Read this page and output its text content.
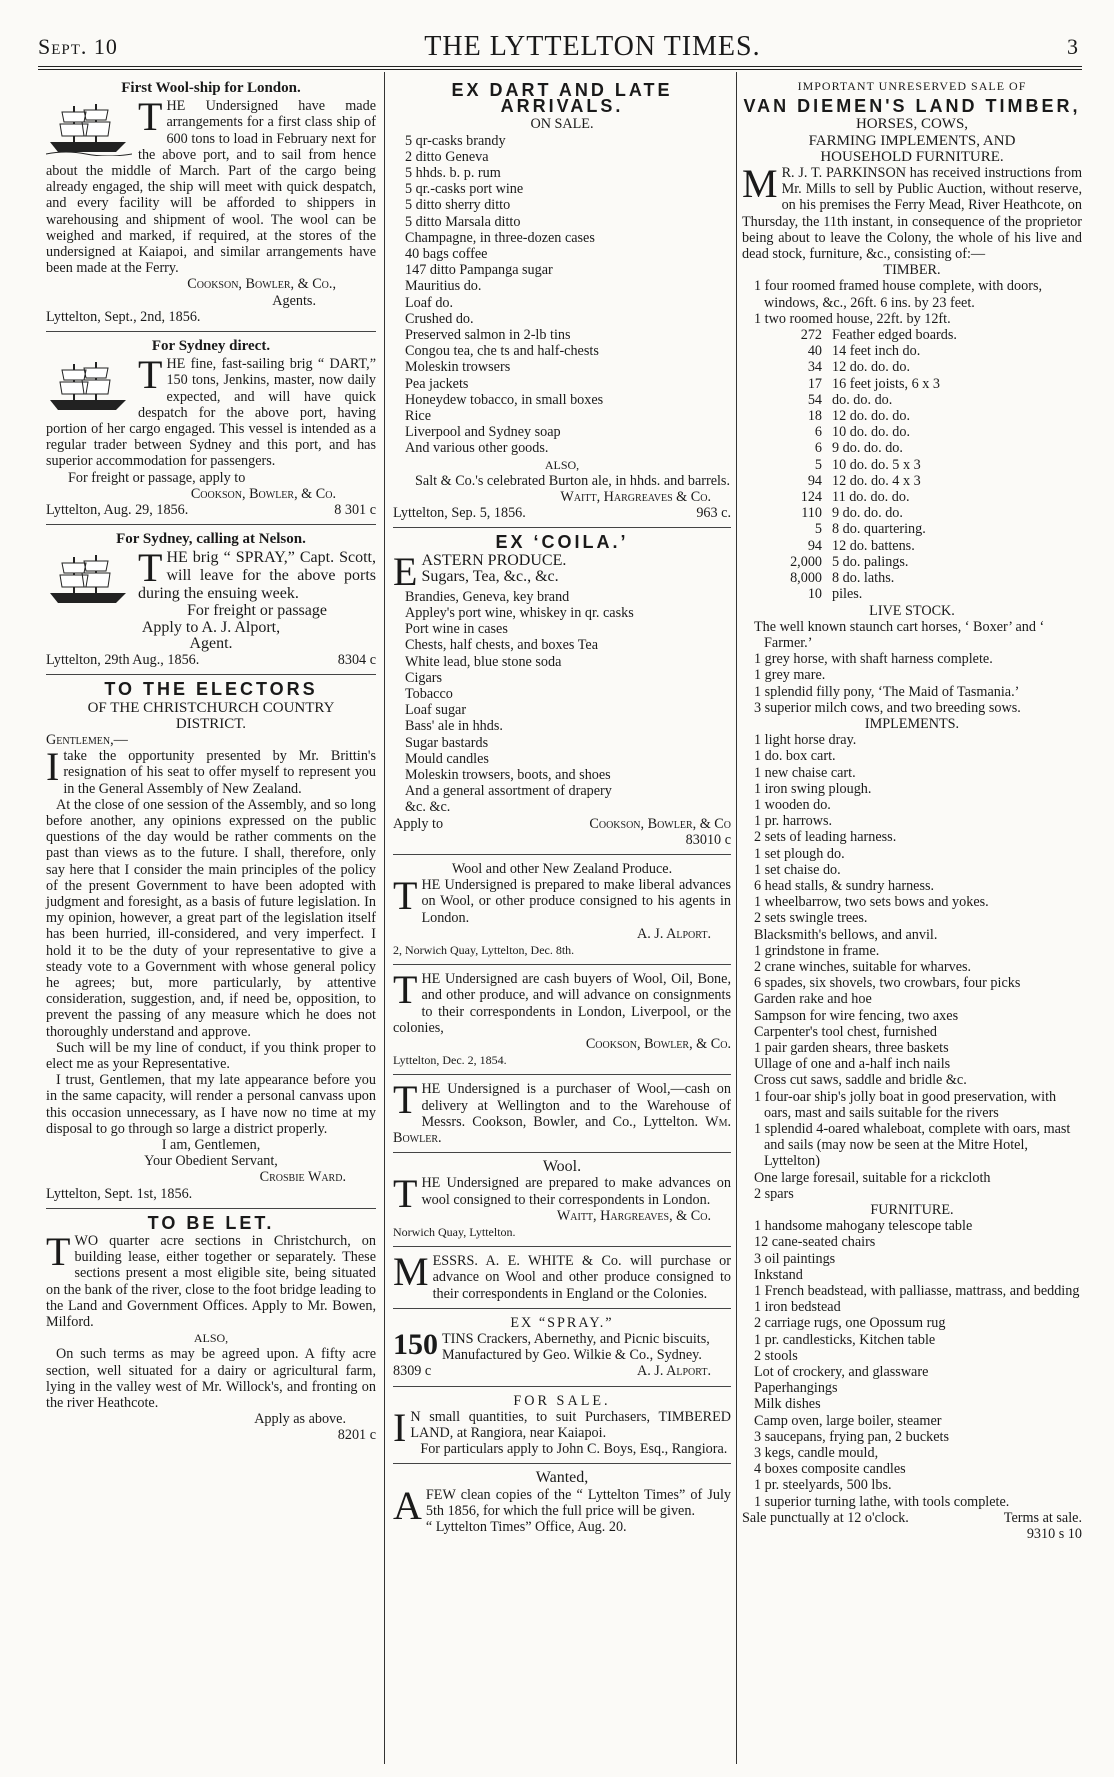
Sept. 10	THE LYTTELTON TIMES.	3
First Wool-ship for London.

THE Undersigned have made arrangements for a first class ship of 600 tons to load in February next for the above port, and to sail from hence about the middle of March. Part of the cargo being already engaged, the ship will meet with quick despatch, and every facility will be afforded to shippers in warehousing and shipment of wool. The wool can be weighed and marked, if required, at the stores of the undersigned at Kaiapoi, and similar arrangements have been made at the Ferry.

Cookson, Bowler, & Co.,
Agents.
Lyttelton, Sept., 2nd, 1856.
For Sydney direct.

THE fine, fast-sailing brig “ DART,” 150 tons, Jenkins, master, now daily expected, and will have quick despatch for the above port, having portion of her cargo engaged. This vessel is intended as a regular trader between Sydney and this port, and has superior accommodation for passengers.

For freight or passage, apply to
Cookson, Bowler, & Co.
Lyttelton, Aug. 29, 1856.	8 301 c
For Sydney, calling at Nelson.

THE brig “ SPRAY,” Capt. Scott, will leave for the above ports during the ensuing week.

For freight or passage
Apply to A. J. Alport,
Agent.
Lyttelton, 29th Aug., 1856.	8304 c
TO THE ELECTORS
OF THE CHRISTCHURCH COUNTRY
DISTRICT.
Gentlemen,—

Itake the opportunity presented by Mr. Brittin's resignation of his seat to offer myself to represent you in the General Assembly of New Zealand.

At the close of one session of the Assembly, and so long before another, any opinions expressed on the public questions of the day would be rather comments on the past than views as to the future. I shall, therefore, only say here that I consider the main principles of the policy of the present Government to have been adopted with judgment and foresight, as a basis of future legislation. In my opinion, however, a great part of the legislation itself has been hurried, ill-considered, and very imperfect. I hold it to be the duty of your representative to give a steady vote to a Government with whose general policy he agrees; but, more particularly, by attentive consideration, suggestion, and, if need be, opposition, to prevent the passing of any measure which he does not thoroughly understand and approve.

Such will be my line of conduct, if you think proper to elect me as your Representative.

I trust, Gentlemen, that my late appearance before you in the same capacity, will render a personal canvass upon this occasion unnecessary, as I have now no time at my disposal to go through so large a district properly.

I am, Gentlemen,
Your Obedient Servant,
Crosbie Ward.
Lyttelton, Sept. 1st, 1856.
TO BE LET.

TWO quarter acre sections in Christchurch, on building lease, either together or separately. These sections present a most eligible site, being situated on the bank of the river, close to the foot bridge leading to the Land and Government Offices. Apply to Mr. Bowen, Milford.

ALSO,

On such terms as may be agreed upon. A fifty acre section, well situated for a dairy or agricultural farm, lying in the valley west of Mr. Willock's, and fronting on the river Heathcote.

Apply as above.
8201 c
EX DART AND LATE ARRIVALS.
ON SALE.
5 qr-casks brandy
2 ditto Geneva
5 hhds. b. p. rum
5 qr.-casks port wine
5 ditto sherry ditto
5 ditto Marsala ditto
Champagne, in three-dozen cases
40 bags coffee
147 ditto Pampanga sugar
Mauritius do.
Loaf do.
Crushed do.
Preserved salmon in 2-lb tins
Congou tea, che ts and half-chests
Moleskin trowsers
Pea jackets
Honeydew tobacco, in small boxes
Rice
Liverpool and Sydney soap
And various other goods.
ALSO,
Salt & Co.'s celebrated Burton ale, in hhds. and barrels.
Waitt, Hargreaves & Co.
Lyttelton, Sep. 5, 1856.	963 c.
EX ‘COILA.’
E ASTERN PRODUCE.
Sugars, Tea, &c., &c.
Brandies, Geneva, key brand
Appley's port wine, whiskey in qr. casks
Port wine in cases
Chests, half chests, and boxes Tea
White lead, blue stone soda
Cigars
Tobacco
Loaf sugar
Bass' ale in hhds.
Sugar bastards
Mould candles
Moleskin trowsers, boots, and shoes
And a general assortment of drapery
&c. &c.
Apply to	Cookson, Bowler, & Co
83010 c
Wool and other New Zealand Produce.

THE Undersigned is prepared to make liberal advances on Wool, or other produce consigned to his agents in London.

A. J. Alport.
2, Norwich Quay, Lyttelton, Dec. 8th.

THE Undersigned are cash buyers of Wool, Oil, Bone, and other produce, and will advance on consignments to their correspondents in London, Liverpool, or the colonies,

Cookson, Bowler, & Co.
Lyttelton, Dec. 2, 1854.

THE Undersigned is a purchaser of Wool,—cash on delivery at Wellington and to the Warehouse of Messrs. Cookson, Bowler, and Co., Lyttelton. Wm. Bowler.

Wool.

THE Undersigned are prepared to make advances on wool consigned to their correspondents in London.

Waitt, Hargreaves, & Co.
Norwich Quay, Lyttelton.

MESSRS. A. E. WHITE & Co. will purchase or advance on Wool and other produce consigned to their correspondents in England or the Colonies.

EX “SPRAY.”

150 TINS Crackers, Abernethy, and Picnic biscuits,

Manufactured by Geo. Wilkie & Co., Sydney.
8309 c	A. J. Alport.
FOR SALE.

I N small quantities, to suit Purchasers, TIMBERED LAND, at Rangiora, near Kaiapoi.

For particulars apply to John C. Boys, Esq., Rangiora.

Wanted,

AFEW clean copies of the “ Lyttelton Times” of July 5th 1856, for which the full price will be given.

“ Lyttelton Times” Office, Aug. 20.
IMPORTANT UNRESERVED SALE OF
VAN DIEMEN'S LAND TIMBER,
HORSES, COWS,
FARMING IMPLEMENTS, AND
HOUSEHOLD FURNITURE.

M R. J. T. PARKINSON has received instructions from Mr. Mills to sell by Public Auction, without reserve, on his premises the Ferry Mead, River Heathcote, on Thursday, the 11th instant, in consequence of the proprietor being about to leave the Colony, the whole of his live and dead stock, furniture, &c., consisting of:—

TIMBER.
1 four roomed framed house complete, with doors, windows, &c., 26ft. 6 ins. by 23 feet.
1 two roomed house, 22ft. by 12ft.
272 Feather edged boards.
40 14 feet inch do.
34 12 do. do. do.
17 16 feet joists, 6 x 3
54 do. do. do.
18 12 do. do. do.
6 10 do. do. do.
6 9 do. do. do.
5 10 do. do. 5 x 3
94 12 do. do. 4 x 3
124 11 do. do. do.
110 9 do. do. do.
5 8 do. quartering.
94 12 do. battens.
2,000 5 do. palings.
8,000 8 do. laths.
10 piles.
LIVE STOCK.
The well known staunch cart horses, ‘ Boxer’ and ‘ Farmer.’
1 grey horse, with shaft harness complete.
1 grey mare.
1 splendid filly pony, ‘The Maid of Tasmania.’
3 superior milch cows, and two breeding sows.
IMPLEMENTS.
1 light horse dray.
1 do. box cart.
1 new chaise cart.
1 iron swing plough.
1 wooden do.
1 pr. harrows.
2 sets of leading harness.
1 set plough do.
1 set chaise do.
6 head stalls, & sundry harness.
1 wheelbarrow, two sets bows and yokes.
2 sets swingle trees.
Blacksmith's bellows, and anvil.
1 grindstone in frame.
2 crane winches, suitable for wharves.
6 spades, six shovels, two crowbars, four picks
Garden rake and hoe
Sampson for wire fencing, two axes
Carpenter's tool chest, furnished
1 pair garden shears, three baskets
Ullage of one and a-half inch nails
Cross cut saws, saddle and bridle &c.
1 four-oar ship's jolly boat in good preservation, with oars, mast and sails suitable for the rivers
1 splendid 4-oared whaleboat, complete with oars, mast and sails (may now be seen at the Mitre Hotel, Lyttelton)
One large foresail, suitable for a rickcloth
2 spars
FURNITURE.
1 handsome mahogany telescope table
12 cane-seated chairs
3 oil paintings
Inkstand
1 French beadstead, with palliasse, mattrass, and bedding
1 iron bedstead
2 carriage rugs, one Opossum rug
1 pr. candlesticks, Kitchen table
2 stools
Lot of crockery, and glassware
Paperhangings
Milk dishes
Camp oven, large boiler, steamer
3 saucepans, frying pan, 2 buckets
3 kegs, candle mould,
4 boxes composite candles
1 pr. steelyards, 500 lbs.
1 superior turning lathe, with tools complete.
Sale punctually at 12 o'clock.	Terms at sale.
9310 s 10
